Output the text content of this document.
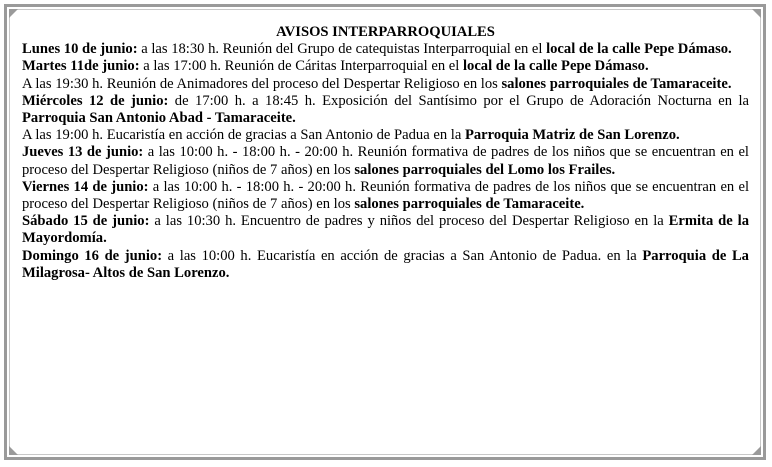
AVISOS INTERPARROQUIALES

Lunes 10 de junio: a las 18:30 h. Reunión del Grupo de catequistas Interparroquial en el local de la calle Pepe Dámaso.

Martes 11de junio: a las 17:00 h. Reunión de Cáritas Interparroquial en el local de la calle Pepe Dámaso.

A las 19:30 h. Reunión de Animadores del proceso del Despertar Religioso en los salones parroquiales de Tamaraceite.

Miércoles 12 de junio: de 17:00 h. a 18:45 h. Exposición del Santísimo por el Grupo de Adoración Nocturna en la Parroquia San Antonio Abad - Tamaraceite.

A las 19:00 h. Eucaristía en acción de gracias a San Antonio de Padua en la Parroquia Matriz de San Lorenzo.

Jueves 13 de junio: a las 10:00 h. - 18:00 h. - 20:00 h. Reunión formativa de padres de los niños que se encuentran en el proceso del Despertar Religioso (niños de 7 años) en los salones parroquiales del Lomo los Frailes.

Viernes 14 de junio: a las 10:00 h. - 18:00 h. - 20:00 h. Reunión formativa de padres de los niños que se encuentran en el proceso del Despertar Religioso (niños de 7 años) en los salones parroquiales de Tamaraceite.

Sábado 15 de junio: a las 10:30 h. Encuentro de padres y niños del proceso del Despertar Religioso en la Ermita de la Mayordomía.

Domingo 16 de junio: a las 10:00 h. Eucaristía en acción de gracias a San Antonio de Padua. en la Parroquia de La Milagrosa- Altos de San Lorenzo.
